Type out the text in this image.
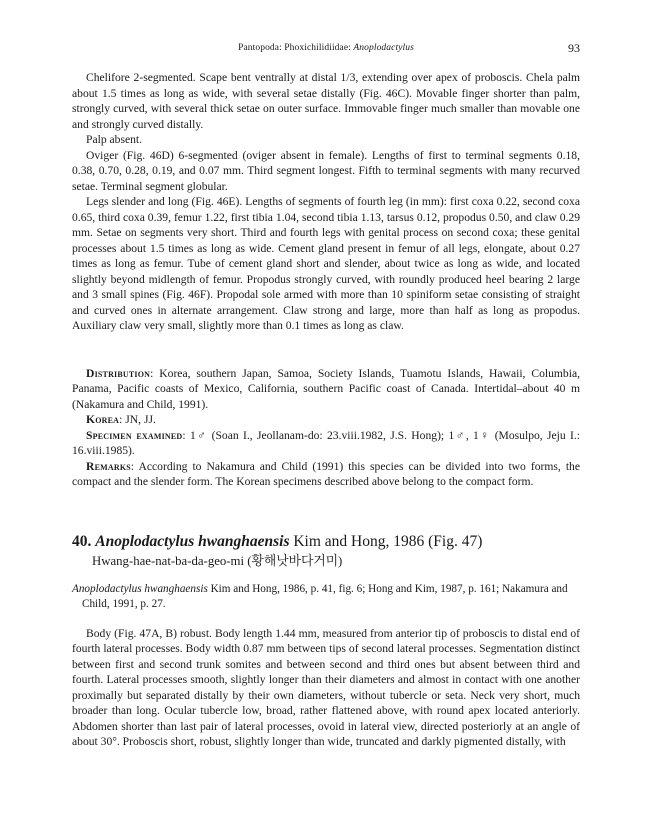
Pantopoda: Phoxichilidiidae: Anoplodactylus	93

Chelifore 2-segmented. Scape bent ventrally at distal 1/3, extending over apex of proboscis. Chela palm about 1.5 times as long as wide, with several setae distally (Fig. 46C). Movable finger shorter than palm, strongly curved, with several thick setae on outer surface. Immovable finger much smaller than movable one and strongly curved distally.

Palp absent.

Oviger (Fig. 46D) 6-segmented (oviger absent in female). Lengths of first to terminal segments 0.18, 0.38, 0.70, 0.28, 0.19, and 0.07 mm. Third segment longest. Fifth to terminal segments with many recurved setae. Terminal segment globular.

Legs slender and long (Fig. 46E). Lengths of segments of fourth leg (in mm): first coxa 0.22, second coxa 0.65, third coxa 0.39, femur 1.22, first tibia 1.04, second tibia 1.13, tarsus 0.12, propodus 0.50, and claw 0.29 mm. Setae on segments very short. Third and fourth legs with genital process on second coxa; these genital processes about 1.5 times as long as wide. Cement gland present in femur of all legs, elongate, about 0.27 times as long as femur. Tube of cement gland short and slender, about twice as long as wide, and located slightly beyond midlength of femur. Propodus strongly curved, with roundly produced heel bearing 2 large and 3 small spines (Fig. 46F). Propodal sole armed with more than 10 spiniform setae consisting of straight and curved ones in alternate arrangement. Claw strong and large, more than half as long as propodus. Auxiliary claw very small, slightly more than 0.1 times as long as claw.

Distribution: Korea, southern Japan, Samoa, Society Islands, Tuamotu Islands, Hawaii, Columbia, Panama, Pacific coasts of Mexico, California, southern Pacific coast of Canada. Intertidal–about 40 m (Nakamura and Child, 1991).

Korea: JN, JJ.

Specimen examined: 1♂ (Soan I., Jeollanam-do: 23.viii.1982, J.S. Hong); 1♂, 1♀ (Mosulpo, Jeju I.: 16.viii.1985).

Remarks: According to Nakamura and Child (1991) this species can be divided into two forms, the compact and the slender form. The Korean specimens described above belong to the compact form.

40. Anoplodactylus hwanghaensis Kim and Hong, 1986 (Fig. 47)

Hwang-hae-nat-ba-da-geo-mi (황해낫바다거미)

Anoplodactylus hwanghaensis Kim and Hong, 1986, p. 41, fig. 6; Hong and Kim, 1987, p. 161; Nakamura and Child, 1991, p. 27.

Body (Fig. 47A, B) robust. Body length 1.44 mm, measured from anterior tip of proboscis to distal end of fourth lateral processes. Body width 0.87 mm between tips of second lateral processes. Segmentation distinct between first and second trunk somites and between second and third ones but absent between third and fourth. Lateral processes smooth, slightly longer than their diameters and almost in contact with one another proximally but separated distally by their own diameters, without tubercle or seta. Neck very short, much broader than long. Ocular tubercle low, broad, rather flattened above, with round apex located anteriorly. Abdomen shorter than last pair of lateral processes, ovoid in lateral view, directed posteriorly at an angle of about 30°. Proboscis short, robust, slightly longer than wide, truncated and darkly pigmented distally, with
